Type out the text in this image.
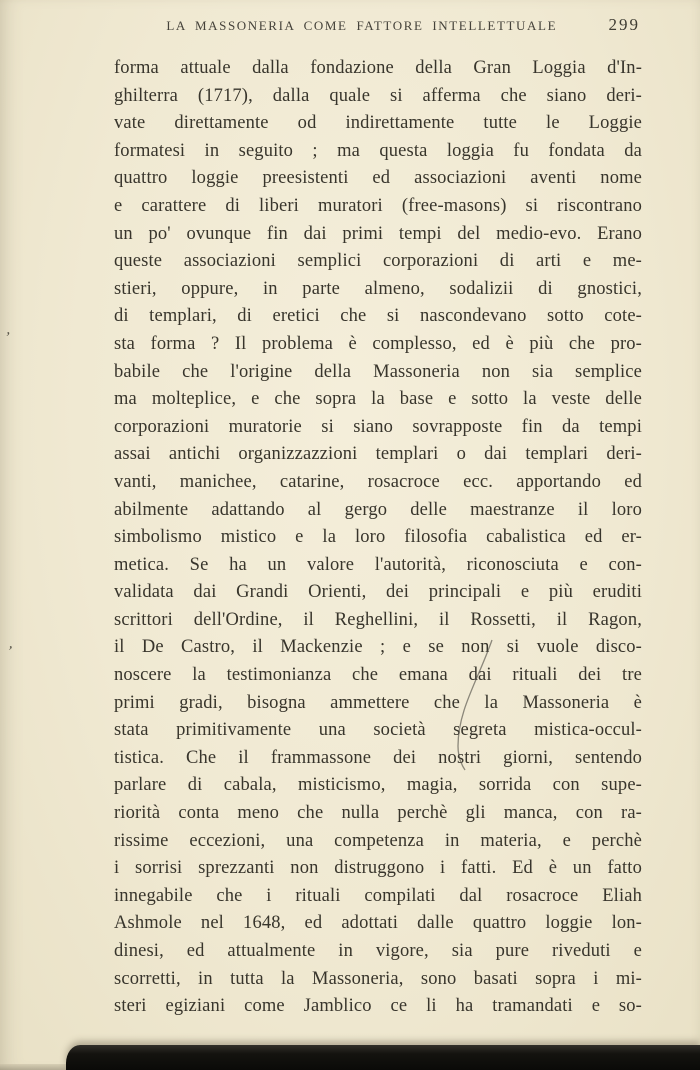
LA MASSONERIA COME FATTORE INTELLETTUALE	299
forma attuale dalla fondazione della Gran Loggia d'In-
ghilterra (1717), dalla quale si afferma che siano deri-
vate direttamente od indirettamente tutte le Loggie
formatesi in seguito ; ma questa loggia fu fondata da
quattro loggie preesistenti ed associazioni aventi nome
e carattere di liberi muratori (free-masons) si riscontrano
un po' ovunque fin dai primi tempi del medio-evo. Erano
queste associazioni semplici corporazioni di arti e me-
stieri, oppure, in parte almeno, sodalizii di gnostici,
di templari, di eretici che si nascondevano sotto cote-
sta forma ? Il problema è complesso, ed è più che pro-
babile che l'origine della Massoneria non sia semplice
ma molteplice, e che sopra la base e sotto la veste delle
corporazioni muratorie si siano sovrapposte fin da tempi
assai antichi organizzazzioni templari o dai templari deri-
vanti, manichee, catarine, rosacroce ecc. apportando ed
abilmente adattando al gergo delle maestranze il loro
simbolismo mistico e la loro filosofia cabalistica ed er-
metica. Se ha un valore l'autorità, riconosciuta e con-
validata dai Grandi Orienti, dei principali e più eruditi
scrittori dell'Ordine, il Reghellini, il Rossetti, il Ragon,
il De Castro, il Mackenzie ; e se non si vuole disco-
noscere la testimonianza che emana dai rituali dei tre
primi gradi, bisogna ammettere che la Massoneria è
stata primitivamente una società segreta mistica-occul-
tistica. Che il frammassone dei nostri giorni, sentendo
parlare di cabala, misticismo, magia, sorrida con supe-
riorità conta meno che nulla perchè gli manca, con ra-
rissime eccezioni, una competenza in materia, e perchè
i sorrisi sprezzanti non distruggono i fatti. Ed è un fatto
innegabile che i rituali compilati dal rosacroce Eliah
Ashmole nel 1648, ed adottati dalle quattro loggie lon-
dinesi, ed attualmente in vigore, sia pure riveduti e
scorretti, in tutta la Massoneria, sono basati sopra i mi-
steri egiziani come Jamblico ce li ha tramandati e so-
’
’
